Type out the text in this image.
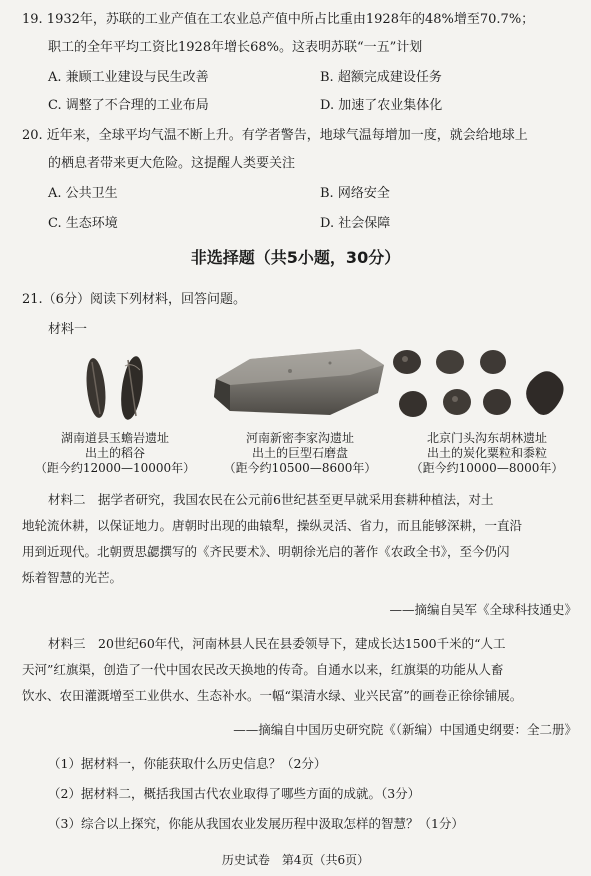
19. 1932年，苏联的工业产值在工农业总产值中所占比重由1928年的48%增至70.7%；
职工的全年平均工资比1928年增长68%。这表明苏联“一五”计划
A. 兼顾工业建设与民生改善	B. 超额完成建设任务
C. 调整了不合理的工业布局	D. 加速了农业集体化
20. 近年来，全球平均气温不断上升。有学者警告，地球气温每增加一度，就会给地球上
的栖息者带来更大危险。这提醒人类要关注
A. 公共卫生	B. 网络安全
C. 生态环境	D. 社会保障
非选择题（共5小题，30分）
21.（6分）阅读下列材料，回答问题。
材料一
湖南道县玉蟾岩遗址
出土的稻谷
（距今约12000—10000年）
河南新密李家沟遗址
出土的巨型石磨盘
（距今约10500—8600年）
北京门头沟东胡林遗址
出土的炭化粟粒和黍粒
（距今约10000—8000年）
材料二　据学者研究，我国农民在公元前6世纪甚至更早就采用套耕种植法，对土
地轮流休耕，以保证地力。唐朝时出现的曲辕犁，操纵灵活、省力，而且能够深耕，一直沿
用到近现代。北朝贾思勰撰写的《齐民要术》、明朝徐光启的著作《农政全书》，至今仍闪
烁着智慧的光芒。
——摘编自吴军《全球科技通史》
材料三　20世纪60年代，河南林县人民在县委领导下，建成长达1500千米的“人工
天河”红旗渠，创造了一代中国农民改天换地的传奇。自通水以来，红旗渠的功能从人畜
饮水、农田灌溉增至工业供水、生态补水。一幅“渠清水绿、业兴民富”的画卷正徐徐铺展。
——摘编自中国历史研究院《（新编）中国通史纲要：全二册》
（1）据材料一，你能获取什么历史信息？（2分）
（2）据材料二，概括我国古代农业取得了哪些方面的成就。（3分）
（3）综合以上探究，你能从我国农业发展历程中汲取怎样的智慧？（1分）
历史试卷　第4页（共6页）
